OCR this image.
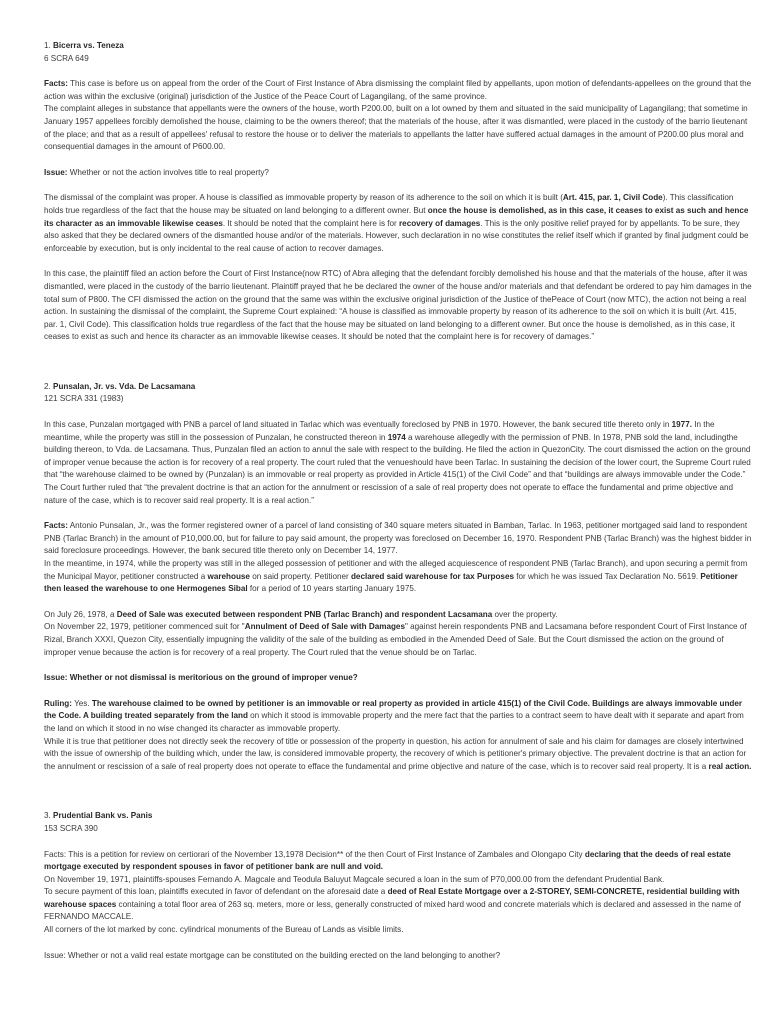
1. Bicerra vs. Teneza
6 SCRA 649

Facts: This case is before us on appeal from the order of the Court of First Instance of Abra dismissing the complaint filed by appellants, upon motion of defendants-appellees on the ground that the action was within the exclusive (original) jurisdiction of the Justice of the Peace Court of Lagangilang, of the same province.

The complaint alleges in substance that appellants were the owners of the house, worth P200.00, built on a lot owned by them and situated in the said municipality of Lagangilang; that sometime in January 1957 appellees forcibly demolished the house, claiming to be the owners thereof; that the materials of the house, after it was dismantled, were placed in the custody of the barrio lieutenant of the place; and that as a result of appellees' refusal to restore the house or to deliver the materials to appellants the latter have suffered actual damages in the amount of P200.00 plus moral and consequential damages in the amount of P600.00.

Issue: Whether or not the action involves title to real property?

The dismissal of the complaint was proper. A house is classified as immovable property by reason of its adherence to the soil on which it is built (Art. 415, par. 1, Civil Code). This classification holds true regardless of the fact that the house may be situated on land belonging to a different owner. But once the house is demolished, as in this case, it ceases to exist as such and hence its character as an immovable likewise ceases. It should be noted that the complaint here is for recovery of damages. This is the only positive relief prayed for by appellants. To be sure, they also asked that they be declared owners of the dismantled house and/or of the materials. However, such declaration in no wise constitutes the relief itself which if granted by final judgment could be enforceable by execution, but is only incidental to the real cause of action to recover damages.

In this case, the plaintiff filed an action before the Court of First Instance(now RTC) of Abra alleging that the defendant forcibly demolished his house and that the materials of the house, after it was dismantled, were placed in the custody of the barrio lieutenant. Plaintiff prayed that he be declared the owner of the house and/or materials and that defendant be ordered to pay him damages in the total sum of P800. The CFI dismissed the action on the ground that the same was within the exclusive original jurisdiction of the Justice of thePeace of Court (now MTC), the action not being a real action. In sustaining the dismissal of the complaint, the Supreme Court explained: “A house is classified as immovable property by reason of its adherence to the soil on which it is built (Art. 415, par. 1, Civil Code). This classification holds true regardless of the fact that the house may be situated on land belonging to a different owner. But once the house is demolished, as in this case, it ceases to exist as such and hence its character as an immovable likewise ceases. It should be noted that the complaint here is for recovery of damages.”

2. Punsalan, Jr. vs. Vda. De Lacsamana
121 SCRA 331 (1983)

In this case, Punzalan mortgaged with PNB a parcel of land situated in Tarlac which was eventually foreclosed by PNB in 1970. However, the bank secured title thereto only in 1977. In the meantime, while the property was still in the possession of Punzalan, he constructed thereon in 1974 a warehouse allegedly with the permission of PNB. In 1978, PNB sold the land, includingthe building thereon, to Vda. de Lacsamana. Thus, Punzalan filed an action to annul the sale with respect to the building. He filed the action in QuezonCity. The court dismissed the action on the ground of improper venue because the action is for recovery of a real property. The court ruled that the venueshould have been Tarlac. In sustaining the decision of the lower court, the Supreme Court ruled that “the warehouse claimed to be owned by (Punzalan) is an immovable or real property as provided in Article 415(1) of the Civil Code” and that “buildings are always immovable under the Code.” The Court further ruled that “the prevalent doctrine is that an action for the annulment or rescission of a sale of real property does not operate to efface the fundamental and prime objective and nature of the case, which is to recover said real property. It is a real action.”

Facts: Antonio Punsalan, Jr., was the former registered owner of a parcel of land consisting of 340 square meters situated in Bamban, Tarlac. In 1963, petitioner mortgaged said land to respondent PNB (Tarlac Branch) in the amount of P10,000.00, but for failure to pay said amount, the property was foreclosed on December 16, 1970. Respondent PNB (Tarlac Branch) was the highest bidder in said foreclosure proceedings. However, the bank secured title thereto only on December 14, 1977.

In the meantime, in 1974, while the property was still in the alleged possession of petitioner and with the alleged acquiescence of respondent PNB (Tarlac Branch), and upon securing a permit from the Municipal Mayor, petitioner constructed a warehouse on said property. Petitioner declared said warehouse for tax Purposes for which he was issued Tax Declaration No. 5619. Petitioner then leased the warehouse to one Hermogenes Sibal for a period of 10 years starting January 1975.

On July 26, 1978, a Deed of Sale was executed between respondent PNB (Tarlac Branch) and respondent Lacsamana over the property.

On November 22, 1979, petitioner commenced suit for "Annulment of Deed of Sale with Damages" against herein respondents PNB and Lacsamana before respondent Court of First Instance of Rizal, Branch XXXI, Quezon City, essentially impugning the validity of the sale of the building as embodied in the Amended Deed of Sale. But the Court dismissed the action on the ground of improper venue because the action is for recovery of a real property. The Court ruled that the venue should be on Tarlac.

Issue: Whether or not dismissal is meritorious on the ground of improper venue?

Ruling: Yes. The warehouse claimed to be owned by petitioner is an immovable or real property as provided in article 415(1) of the Civil Code. Buildings are always immovable under the Code. A building treated separately from the land on which it stood is immovable property and the mere fact that the parties to a contract seem to have dealt with it separate and apart from the land on which it stood in no wise changed its character as immovable property.

While it is true that petitioner does not directly seek the recovery of title or possession of the property in question, his action for annulment of sale and his claim for damages are closely intertwined with the issue of ownership of the building which, under the law, is considered immovable property, the recovery of which is petitioner's primary objective. The prevalent doctrine is that an action for the annulment or rescission of a sale of real property does not operate to efface the fundamental and prime objective and nature of the case, which is to recover said real property. It is a real action.

3. Prudential Bank vs. Panis
153 SCRA 390

Facts: This is a petition for review on certiorari of the November 13,1978 Decision** of the then Court of First Instance of Zambales and Olongapo City declaring that the deeds of real estate mortgage executed by respondent spouses in favor of petitioner bank are null and void.

On November 19, 1971, plaintiffs-spouses Fernando A. Magcale and Teodula Baluyut Magcale secured a loan in the sum of P70,000.00 from the defendant Prudential Bank.

To secure payment of this loan, plaintiffs executed in favor of defendant on the aforesaid date a deed of Real Estate Mortgage over a 2-STOREY, SEMI-CONCRETE, residential building with warehouse spaces containing a total floor area of 263 sq. meters, more or less, generally constructed of mixed hard wood and concrete materials which is declared and assessed in the name of FERNANDO MACCALE.

All corners of the lot marked by conc. cylindrical monuments of the Bureau of Lands as visible limits.

Issue: Whether or not a valid real estate mortgage can be constituted on the building erected on the land belonging to another?
